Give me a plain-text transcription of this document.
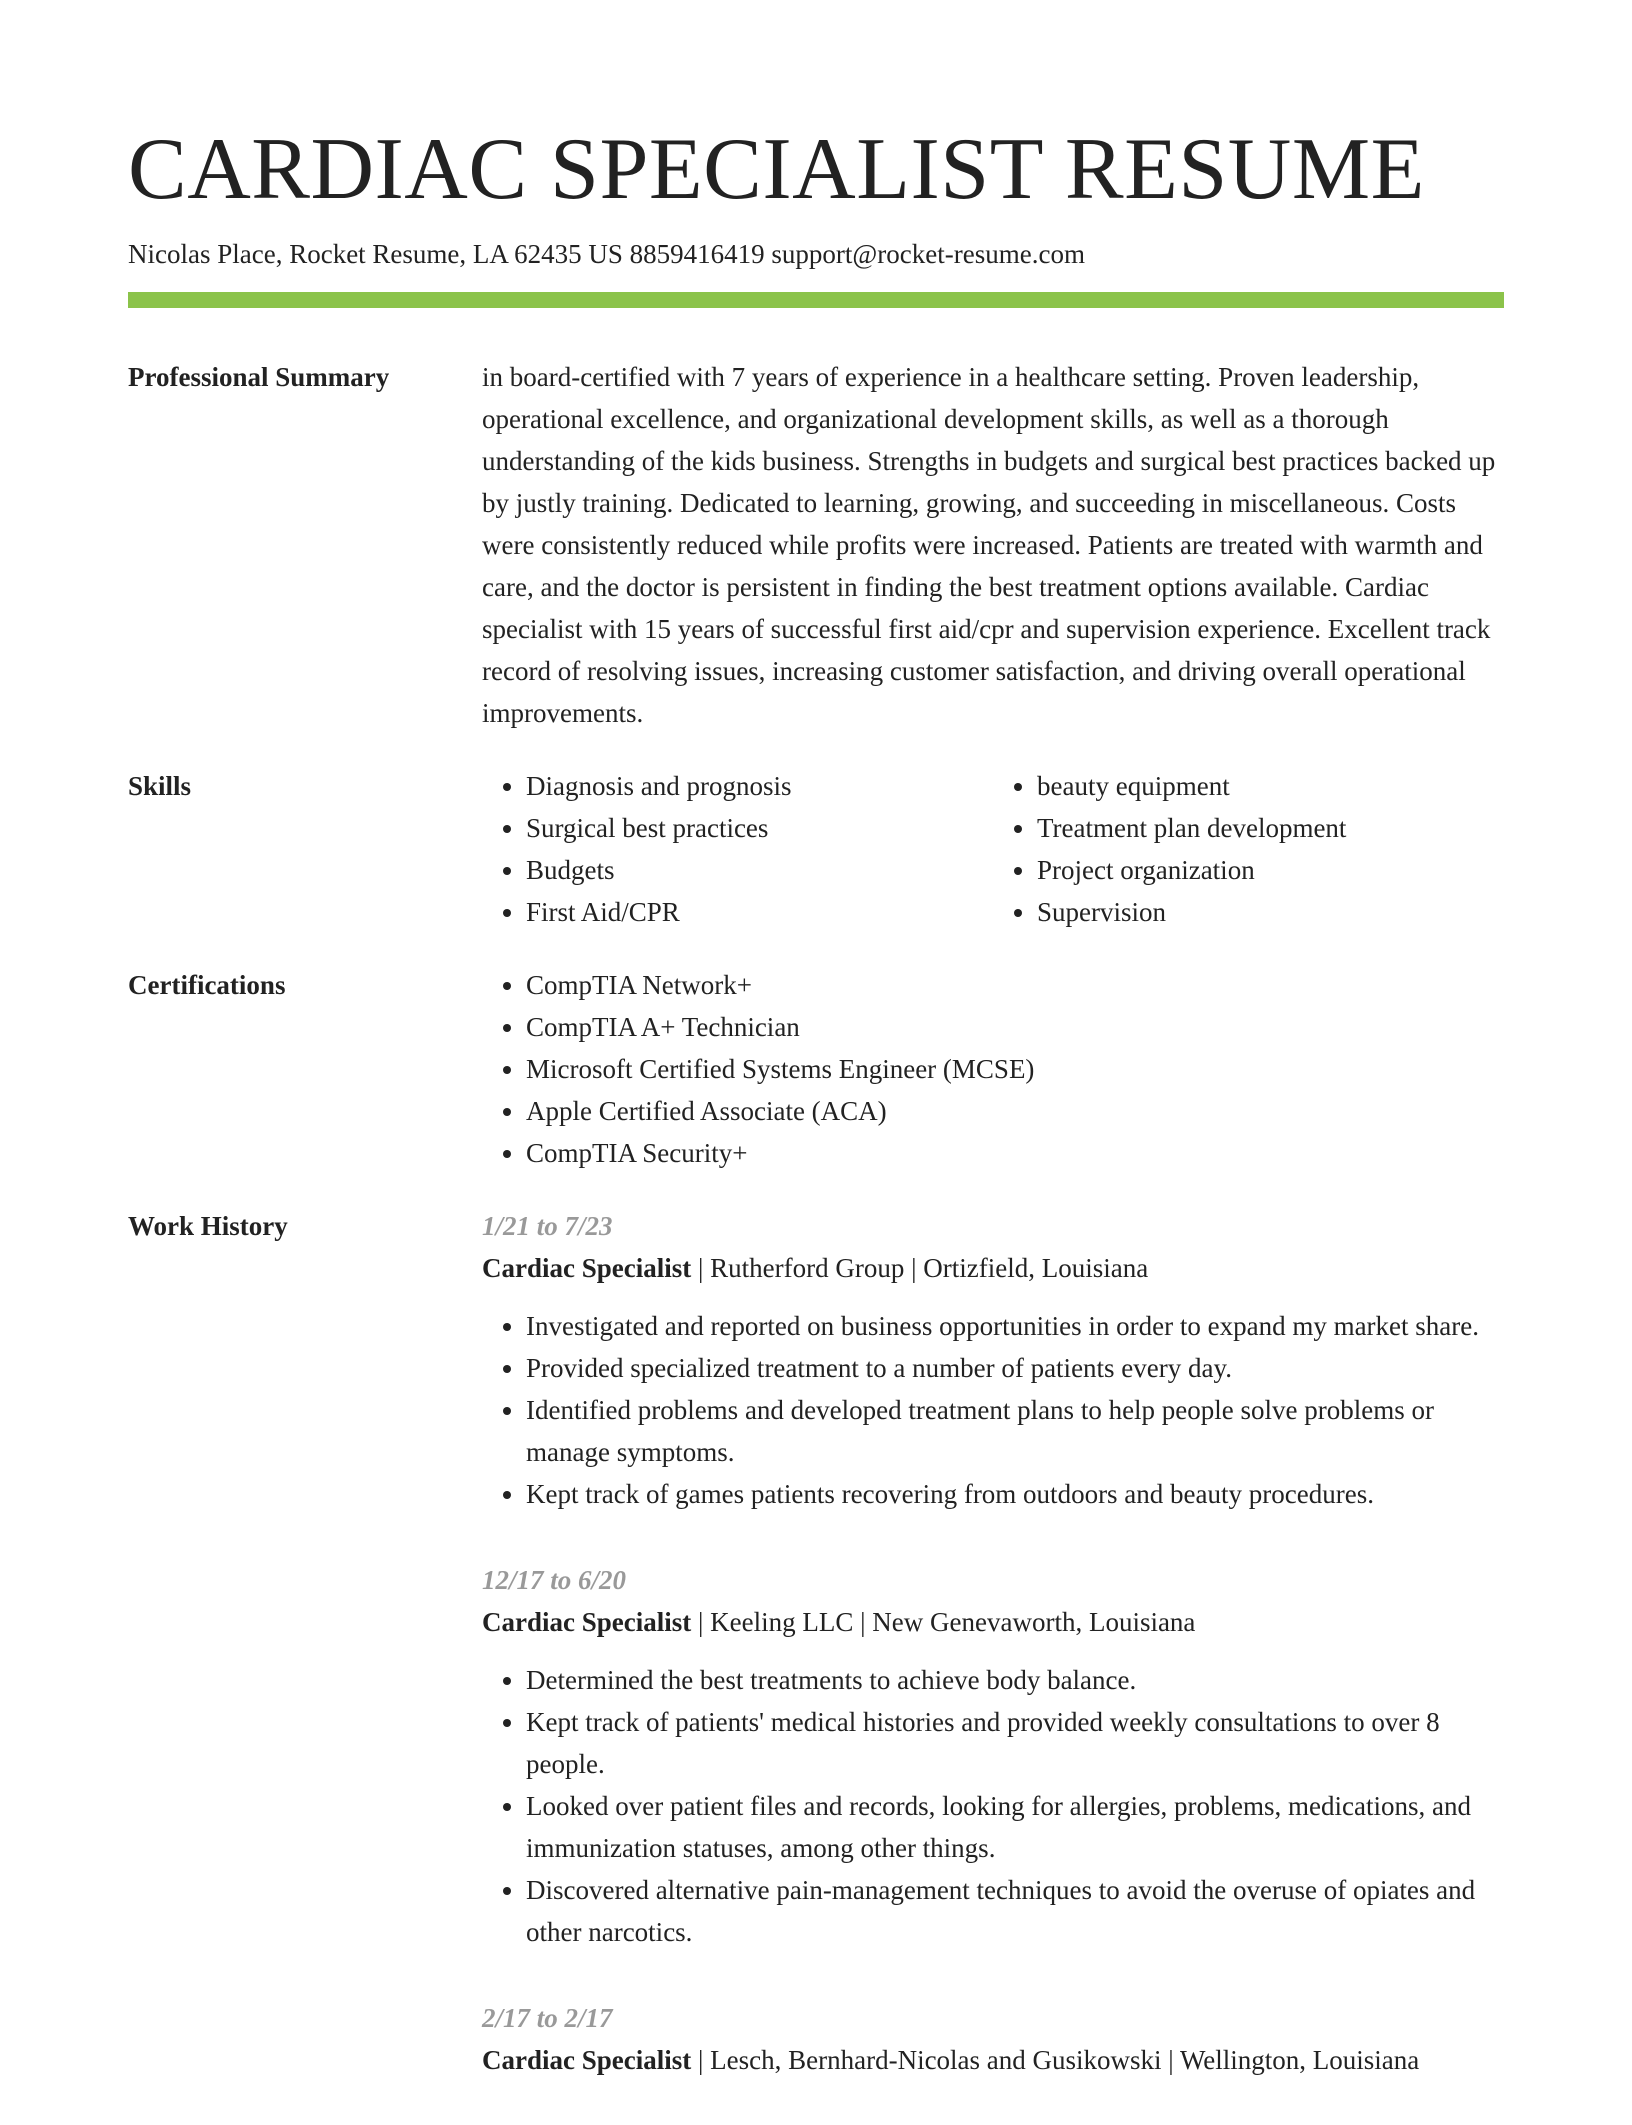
CARDIAC SPECIALIST RESUME
Nicolas Place, Rocket Resume, LA 62435 US 8859416419 support@rocket-resume.com
Professional Summary	in board-certified with 7 years of experience in a healthcare setting. Proven leadership, operational excellence, and organizational development skills, as well as a thorough understanding of the kids business. Strengths in budgets and surgical best practices backed up by justly training. Dedicated to learning, growing, and succeeding in miscellaneous. Costs were consistently reduced while profits were increased. Patients are treated with warmth and care, and the doctor is persistent in finding the best treatment options available. Cardiac specialist with 15 years of successful first aid/cpr and supervision experience. Excellent track record of resolving issues, increasing customer satisfaction, and driving overall operational improvements.

Skills	• Diagnosis and prognosis
• Surgical best practices
• Budgets
• First Aid/CPR
• beauty equipment
• Treatment plan development
• Project organization
• Supervision
Certifications	• CompTIA Network+
• CompTIA A+ Technician
• Microsoft Certified Systems Engineer (MCSE)
• Apple Certified Associate (ACA)
• CompTIA Security+
Work History	1/21 to 7/23
Cardiac Specialist | Rutherford Group | Ortizfield, Louisiana
• Investigated and reported on business opportunities in order to expand my market share.
• Provided specialized treatment to a number of patients every day.
• Identified problems and developed treatment plans to help people solve problems or manage symptoms.
• Kept track of games patients recovering from outdoors and beauty procedures.
12/17 to 6/20
Cardiac Specialist | Keeling LLC | New Genevaworth, Louisiana
• Determined the best treatments to achieve body balance.
• Kept track of patients' medical histories and provided weekly consultations to over 8 people.
• Looked over patient files and records, looking for allergies, problems, medications, and immunization statuses, among other things.
• Discovered alternative pain-management techniques to avoid the overuse of opiates and other narcotics.
2/17 to 2/17
Cardiac Specialist | Lesch, Bernhard-Nicolas and Gusikowski | Wellington, Louisiana
